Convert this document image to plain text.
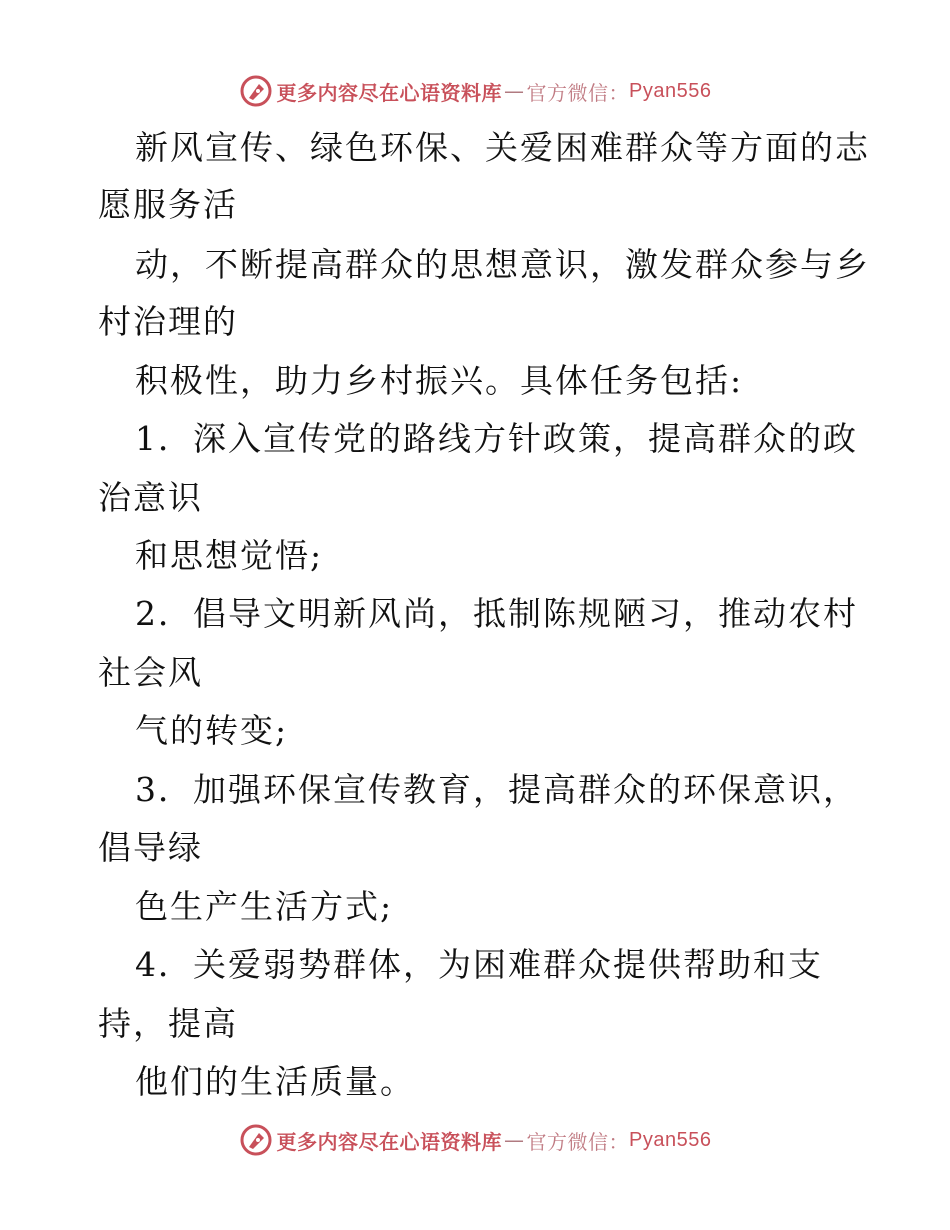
更多内容尽在心语资料库 — 官方微信： Pyan556
新风宣传、绿色环保、关爱困难群众等方面的志
愿服务活
动，不断提高群众的思想意识，激发群众参与乡
村治理的
积极性，助力乡村振兴。具体任务包括:
1．深入宣传党的路线方针政策，提高群众的政
治意识
和思想觉悟;
2．倡导文明新风尚，抵制陈规陋习，推动农村
社会风
气的转变;
3．加强环保宣传教育，提高群众的环保意识，
倡导绿
色生产生活方式;
4．关爱弱势群体，为困难群众提供帮助和支
持，提高
他们的生活质量。
更多内容尽在心语资料库 — 官方微信： Pyan556
